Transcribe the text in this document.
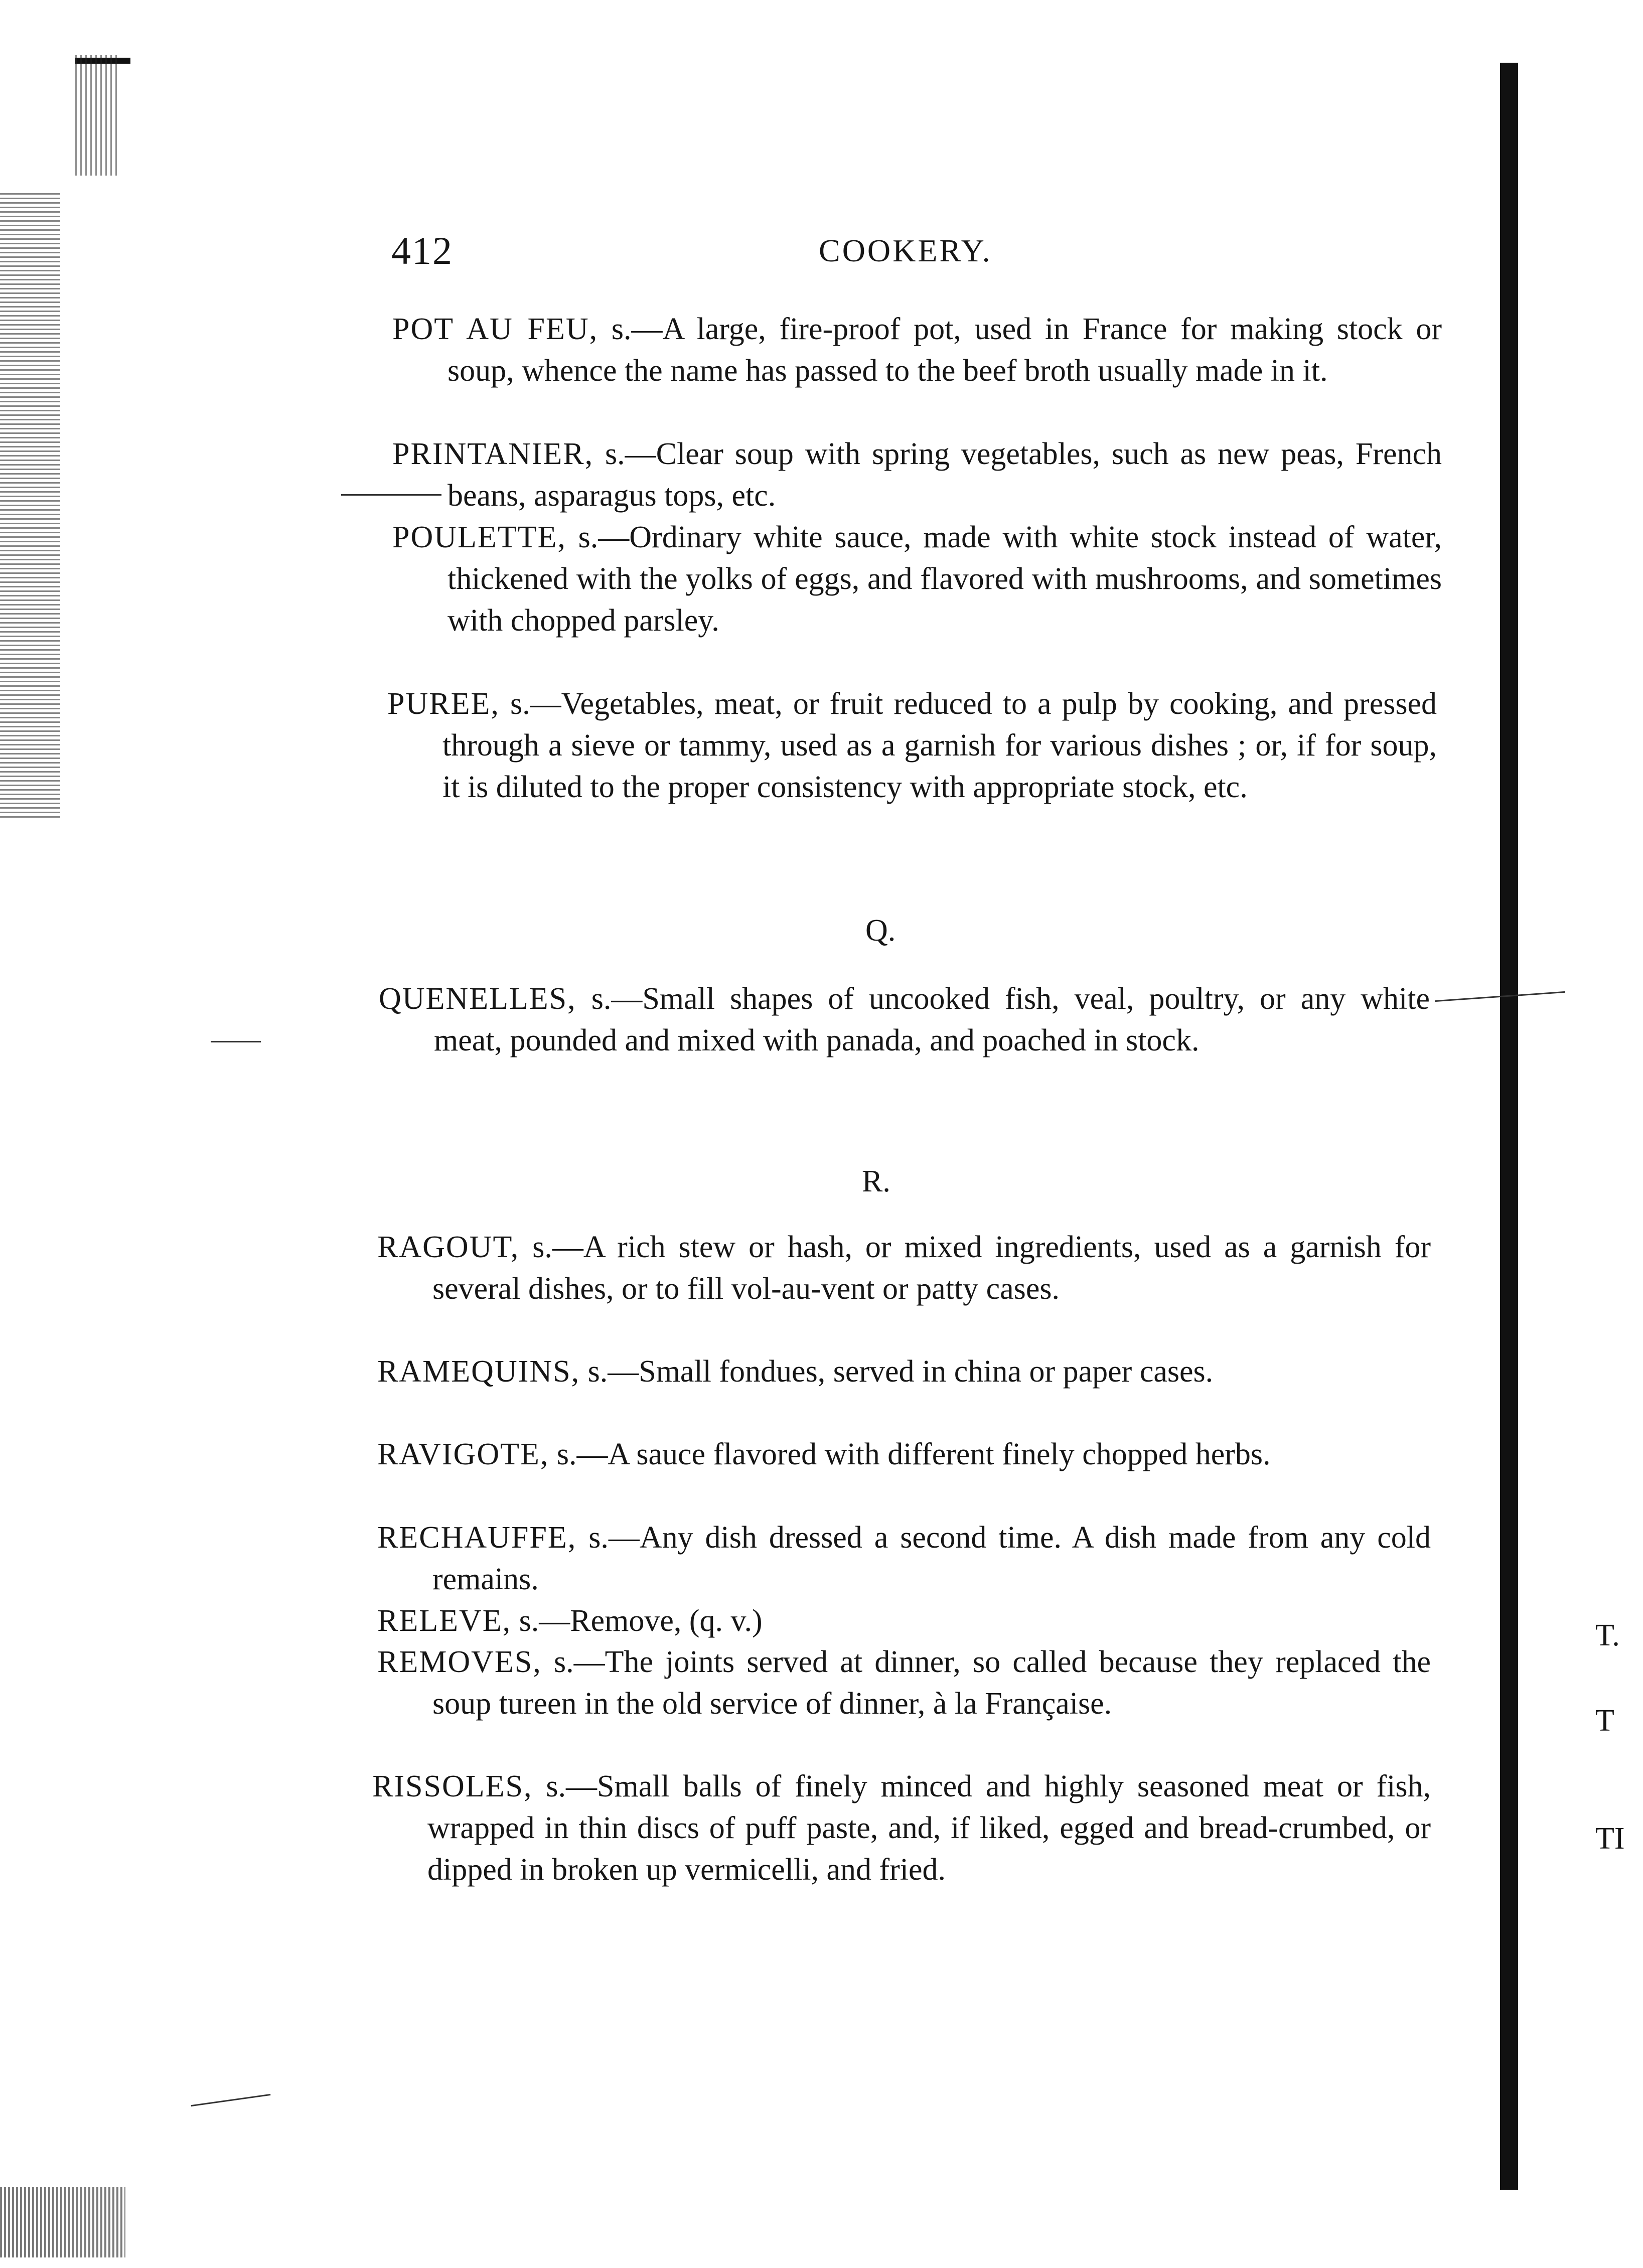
412	COOKERY.
POT AU FEU, s.—A large, fire-proof pot, used in France for making stock or soup, whence the name has passed to the beef broth usually made in it.
PRINTANIER, s.—Clear soup with spring vegetables, such as new peas, French beans, asparagus tops, etc.
POULETTE, s.—Ordinary white sauce, made with white stock instead of water, thickened with the yolks of eggs, and flavored with mushrooms, and sometimes with chopped parsley.
PUREE, s.—Vegetables, meat, or fruit reduced to a pulp by cooking, and pressed through a sieve or tammy, used as a garnish for various dishes ; or, if for soup, it is diluted to the proper consistency with appropriate stock, etc.
Q.
QUENELLES, s.—Small shapes of uncooked fish, veal, poultry, or any white meat, pounded and mixed with panada, and poached in stock.
R.
RAGOUT, s.—A rich stew or hash, or mixed ingredients, used as a garnish for several dishes, or to fill vol-au-vent or patty cases.
RAMEQUINS, s.—Small fondues, served in china or paper cases.
RAVIGOTE, s.—A sauce flavored with different finely chopped herbs.
RECHAUFFE, s.—Any dish dressed a second time. A dish made from any cold remains.
RELEVE, s.—Remove, (q. v.)
REMOVES, s.—The joints served at dinner, so called because they replaced the soup tureen in the old service of dinner, à la Française.
RISSOLES, s.—Small balls of finely minced and highly seasoned meat or fish, wrapped in thin discs of puff paste, and, if liked, egged and bread-crumbed, or dipped in broken up vermicelli, and fried.
T.
T
TI
